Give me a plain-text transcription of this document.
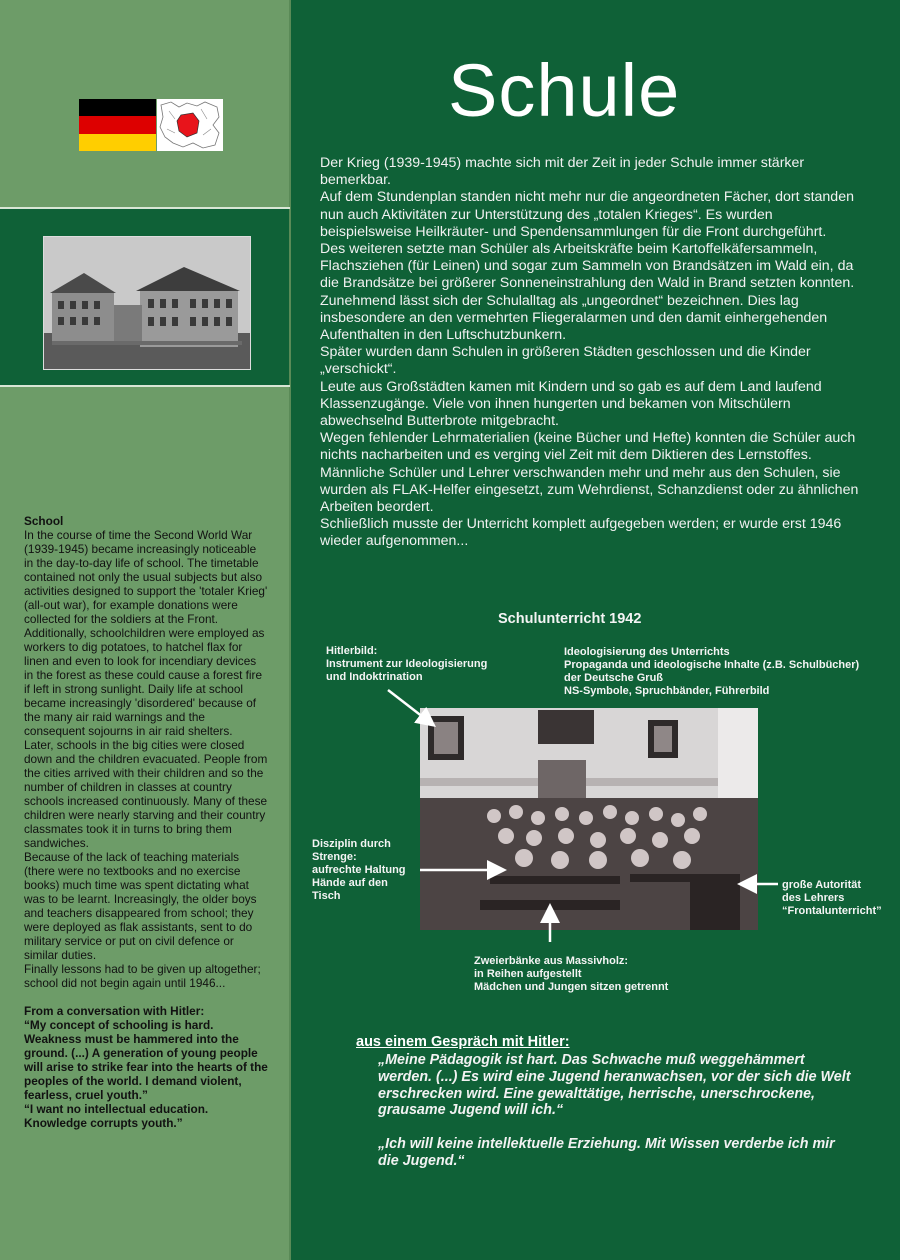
Schule
Der Krieg (1939-1945) machte sich mit der Zeit in jeder Schule immer stärker bemerkbar.
Auf dem Stundenplan standen nicht mehr nur die angeordneten Fächer, dort standen nun auch Aktivitäten zur Unterstützung des „totalen Krieges“. Es wurden beispielsweise Heilkräuter- und Spendensammlungen für die Front durchgeführt.
Des weiteren setzte man Schüler als Arbeitskräfte beim Kartoffelkäfersammeln, Flachsziehen (für Leinen) und sogar zum Sammeln von Brandsätzen im Wald ein, da die Brandsätze bei größerer Sonneneinstrahlung den Wald in Brand setzten konnten.
Zunehmend lässt sich der Schulalltag als „ungeordnet“ bezeichnen. Dies lag insbesondere an den vermehrten Fliegeralarmen und den damit einhergehenden Aufenthalten in den Luftschutzbunkern.
Später wurden dann Schulen in größeren Städten geschlossen und die Kinder „verschickt“.
Leute aus Großstädten kamen mit Kindern und so gab es auf dem Land laufend Klassenzugänge. Viele von ihnen hungerten und bekamen von Mitschülern abwechselnd Butterbrote mitgebracht.
Wegen fehlender Lehrmaterialien (keine Bücher und Hefte) konnten die Schüler auch nichts nacharbeiten und es verging viel Zeit mit dem Diktieren des Lernstoffes.
Männliche Schüler und Lehrer verschwanden mehr und mehr aus den Schulen, sie wurden als FLAK-Helfer eingesetzt, zum Wehrdienst, Schanzdienst oder zu ähnlichen Arbeiten beordert.
Schließlich musste der Unterricht komplett aufgegeben werden; er wurde erst 1946 wieder aufgenommen...
School
In the course of time the Second World War (1939-1945) became increasingly noticeable in the day-to-day life of school. The timetable contained not only the usual subjects but also activities designed to support the 'totaler Krieg' (all-out war), for example donations were collected for the soldiers at the Front.
Additionally, schoolchildren were employed as workers to dig potatoes, to hatchel flax for linen and even to look for incendiary devices in the forest as these could cause a forest fire if left in strong sunlight. Daily life at school became increasingly 'disordered' because of the many air raid warnings and the consequent sojourns in air raid shelters.
Later, schools in the big cities were closed down and the children evacuated. People from the cities arrived with their children and so the number of children in classes at country schools increased continuously. Many of these children were nearly starving and their country classmates took it in turns to bring them sandwiches.
Because of the lack of teaching materials (there were no textbooks and no exercise books) much time was spent dictating what was to be learnt. Increasingly, the older boys and teachers disappeared from school; they were deployed as flak assistants, sent to do military service or put on civil defence or similar duties.
Finally lessons had to be given up altogether; school did not begin again until 1946...
From a conversation with Hitler:
“My concept of schooling is hard. Weakness must be hammered into the ground. (...) A generation of young people will arise to strike fear into the hearts of the peoples of the world. I demand violent, fearless, cruel youth.”
“I want no intellectual education. Knowledge corrupts youth.”
Schulunterricht 1942
Hitlerbild:
Instrument zur Ideologisierung
und Indoktrination
Ideologisierung des Unterrichts
Propaganda und ideologische Inhalte (z.B. Schulbücher)
der Deutsche Gruß
NS-Symbole, Spruchbänder, Führerbild
Disziplin durch
Strenge:
aufrechte Haltung
Hände auf den
Tisch
große Autorität
des Lehrers
“Frontalunterricht”
Zweierbänke aus Massivholz:
in Reihen aufgestellt
Mädchen und Jungen sitzen getrennt
aus einem Gespräch mit Hitler:
„Meine Pädagogik ist hart. Das Schwache muß weggehämmert werden. (...) Es wird eine Jugend heranwachsen, vor der sich die Welt erschrecken wird. Eine gewalttätige, herrische, unerschrockene, grausame Jugend will ich.“

„Ich will keine intellektuelle Erziehung. Mit Wissen verderbe ich mir die Jugend.“
